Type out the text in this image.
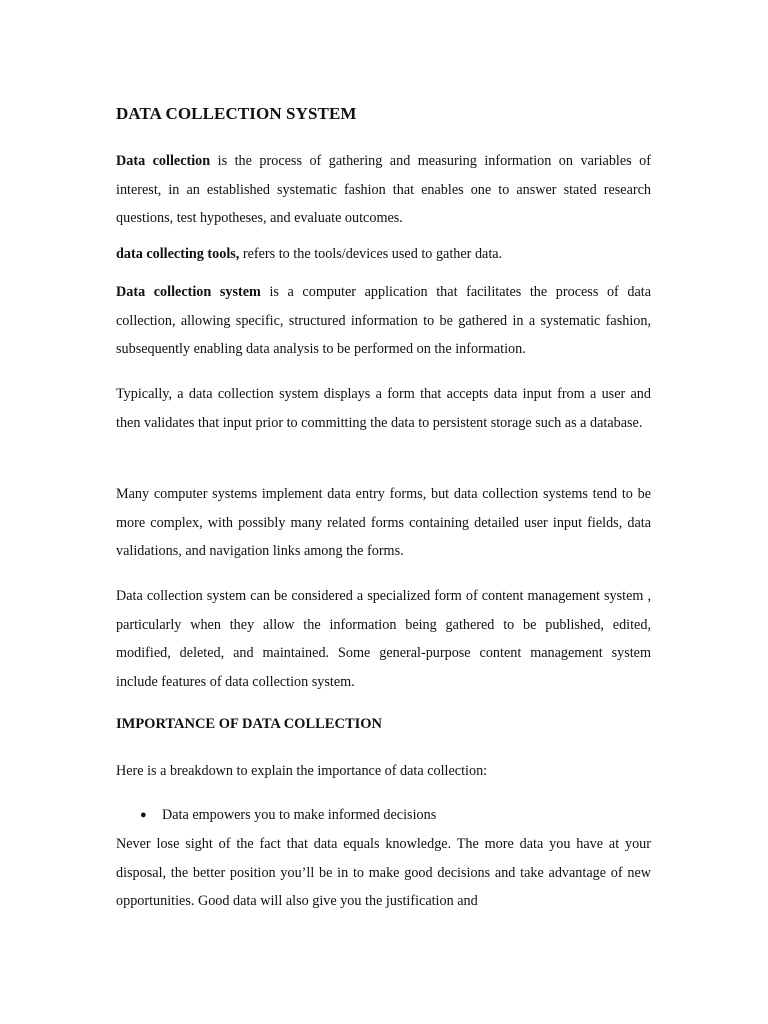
DATA COLLECTION SYSTEM

Data collection is the process of gathering and measuring information on variables of interest, in an established systematic fashion that enables one to answer stated research questions, test hypotheses, and evaluate outcomes.

data collecting tools, refers to the tools/devices used to gather data.

Data collection system is a computer application that facilitates the process of data collection, allowing specific, structured information to be gathered in a systematic fashion, subsequently enabling data analysis to be performed on the information.

Typically, a data collection system displays a form that accepts data input from a user and then validates that input prior to committing the data to persistent storage such as a database.

Many computer systems implement data entry forms, but data collection systems tend to be more complex, with possibly many related forms containing detailed user input fields, data validations, and navigation links among the forms.

Data collection system can be considered a specialized form of content management system , particularly when they allow the information being gathered to be published, edited, modified, deleted, and maintained. Some general-purpose content management system include features of data collection system.

IMPORTANCE OF DATA COLLECTION

Here is a breakdown to explain the importance of data collection:

● Data empowers you to make informed decisions

Never lose sight of the fact that data equals knowledge. The more data you have at your disposal, the better position you’ll be in to make good decisions and take advantage of new opportunities. Good data will also give you the justification and
